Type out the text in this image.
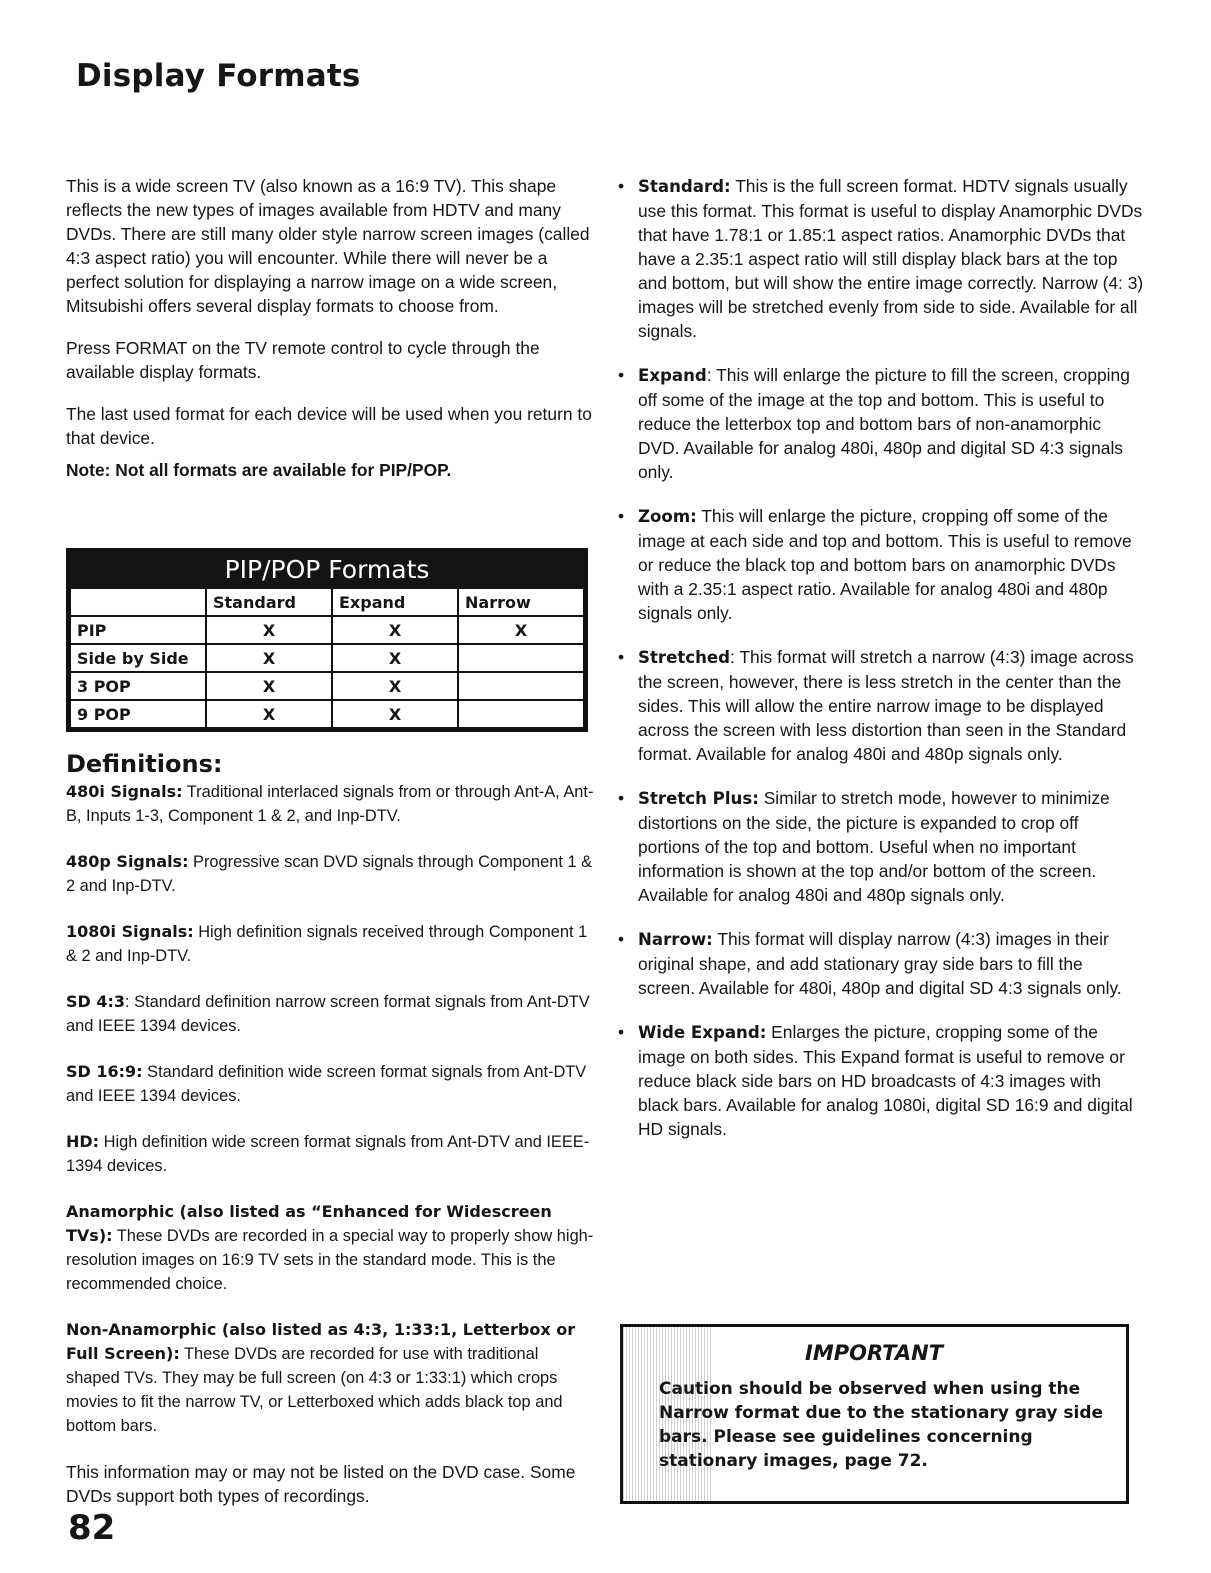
Display Formats

This is a wide screen TV (also known as a 16:9 TV). This shape reflects the new types of images available from HDTV and many DVDs. There are still many older style narrow screen images (called 4:3 aspect ratio) you will encounter. While there will never be a perfect solution for displaying a narrow image on a wide screen, Mitsubishi offers several display formats to choose from.

Press FORMAT on the TV remote control to cycle through the available display formats.

The last used format for each device will be used when you return to that device.

Note: Not all formats are available for PIP/POP.

PIP/POP Formats
	Standard	Expand	Narrow
PIP	X	X	X
Side by Side	X	X	
3 POP	X	X	
9 POP	X	X	
Definitions:

480i Signals: Traditional interlaced signals from or through Ant-A, Ant-B, Inputs 1-3, Component 1 & 2, and Inp-DTV.

480p Signals: Progressive scan DVD signals through Component 1 & 2 and Inp-DTV.

1080i Signals: High definition signals received through Component 1 & 2 and Inp-DTV.

SD 4:3: Standard definition narrow screen format signals from Ant-DTV and IEEE 1394 devices.

SD 16:9: Standard definition wide screen format signals from Ant-DTV and IEEE 1394 devices.

HD: High definition wide screen format signals from Ant-DTV and IEEE-1394 devices.

Anamorphic (also listed as “Enhanced for Widescreen TVs): These DVDs are recorded in a special way to properly show high-resolution images on 16:9 TV sets in the standard mode. This is the recommended choice.

Non-Anamorphic (also listed as 4:3, 1:33:1, Letterbox or Full Screen): These DVDs are recorded for use with traditional shaped TVs. They may be full screen (on 4:3 or 1:33:1) which crops movies to fit the narrow TV, or Letterboxed which adds black top and bottom bars.

This information may or may not be listed on the DVD case. Some DVDs support both types of recordings.

• Standard: This is the full screen format. HDTV signals usually use this format. This format is useful to display Anamorphic DVDs that have 1.78:1 or 1.85:1 aspect ratios. Anamorphic DVDs that have a 2.35:1 aspect ratio will still display black bars at the top and bottom, but will show the entire image correctly. Narrow (4: 3) images will be stretched evenly from side to side. Available for all signals.

• Expand: This will enlarge the picture to fill the screen, cropping off some of the image at the top and bottom. This is useful to reduce the letterbox top and bottom bars of non-anamorphic DVD. Available for analog 480i, 480p and digital SD 4:3 signals only.

• Zoom: This will enlarge the picture, cropping off some of the image at each side and top and bottom. This is useful to remove or reduce the black top and bottom bars on anamorphic DVDs with a 2.35:1 aspect ratio. Available for analog 480i and 480p signals only.

• Stretched: This format will stretch a narrow (4:3) image across the screen, however, there is less stretch in the center than the sides. This will allow the entire narrow image to be displayed across the screen with less distortion than seen in the Standard format. Available for analog 480i and 480p signals only.

• Stretch Plus: Similar to stretch mode, however to minimize distortions on the side, the picture is expanded to crop off portions of the top and bottom. Useful when no important information is shown at the top and/or bottom of the screen. Available for analog 480i and 480p signals only.

• Narrow: This format will display narrow (4:3) images in their original shape, and add stationary gray side bars to fill the screen. Available for 480i, 480p and digital SD 4:3 signals only.

• Wide Expand: Enlarges the picture, cropping some of the image on both sides. This Expand format is useful to remove or reduce black side bars on HD broadcasts of 4:3 images with black bars. Available for analog 1080i, digital SD 16:9 and digital HD signals.

IMPORTANT

Caution should be observed when using the Narrow format due to the stationary gray side bars. Please see guidelines concerning stationary images, page 72.

82
